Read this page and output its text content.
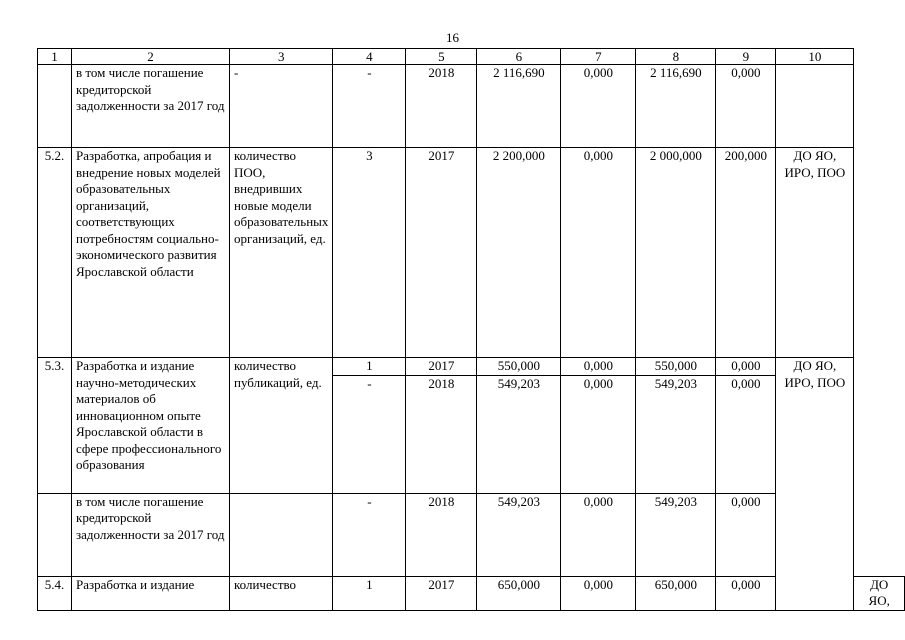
16
1	2	3	4	5	6	7	8	9	10	
	в том числе погашение кредиторской задолженности за 2017 год	-	-	2018	2 116,690	0,000	2 116,690	0,000		
5.2.	Разработка, апробация и внедрение новых моделей образовательных организаций, соответствующих потребностям социально-экономического развития Ярославской области	количество ПОО, внедривших новые модели образовательных организаций, ед.	3	2017	2 200,000	0,000	2 000,000	200,000	ДО ЯО, ИРО, ПОО	
5.3.	Разработка и издание научно-методических материалов об инновационном опыте Ярославской области в сфере профессионального образования	количество публикаций, ед.	1	2017	550,000	0,000	550,000	0,000	ДО ЯО, ИРО, ПОО	
			-	2018	549,203	0,000	549,203	0,000		
	в том числе погашение кредиторской задолженности за 2017 год		-	2018	549,203	0,000	549,203	0,000		
5.4.	Разработка и издание	количество	1	2017	650,000	0,000	650,000	0,000		ДО ЯО,
